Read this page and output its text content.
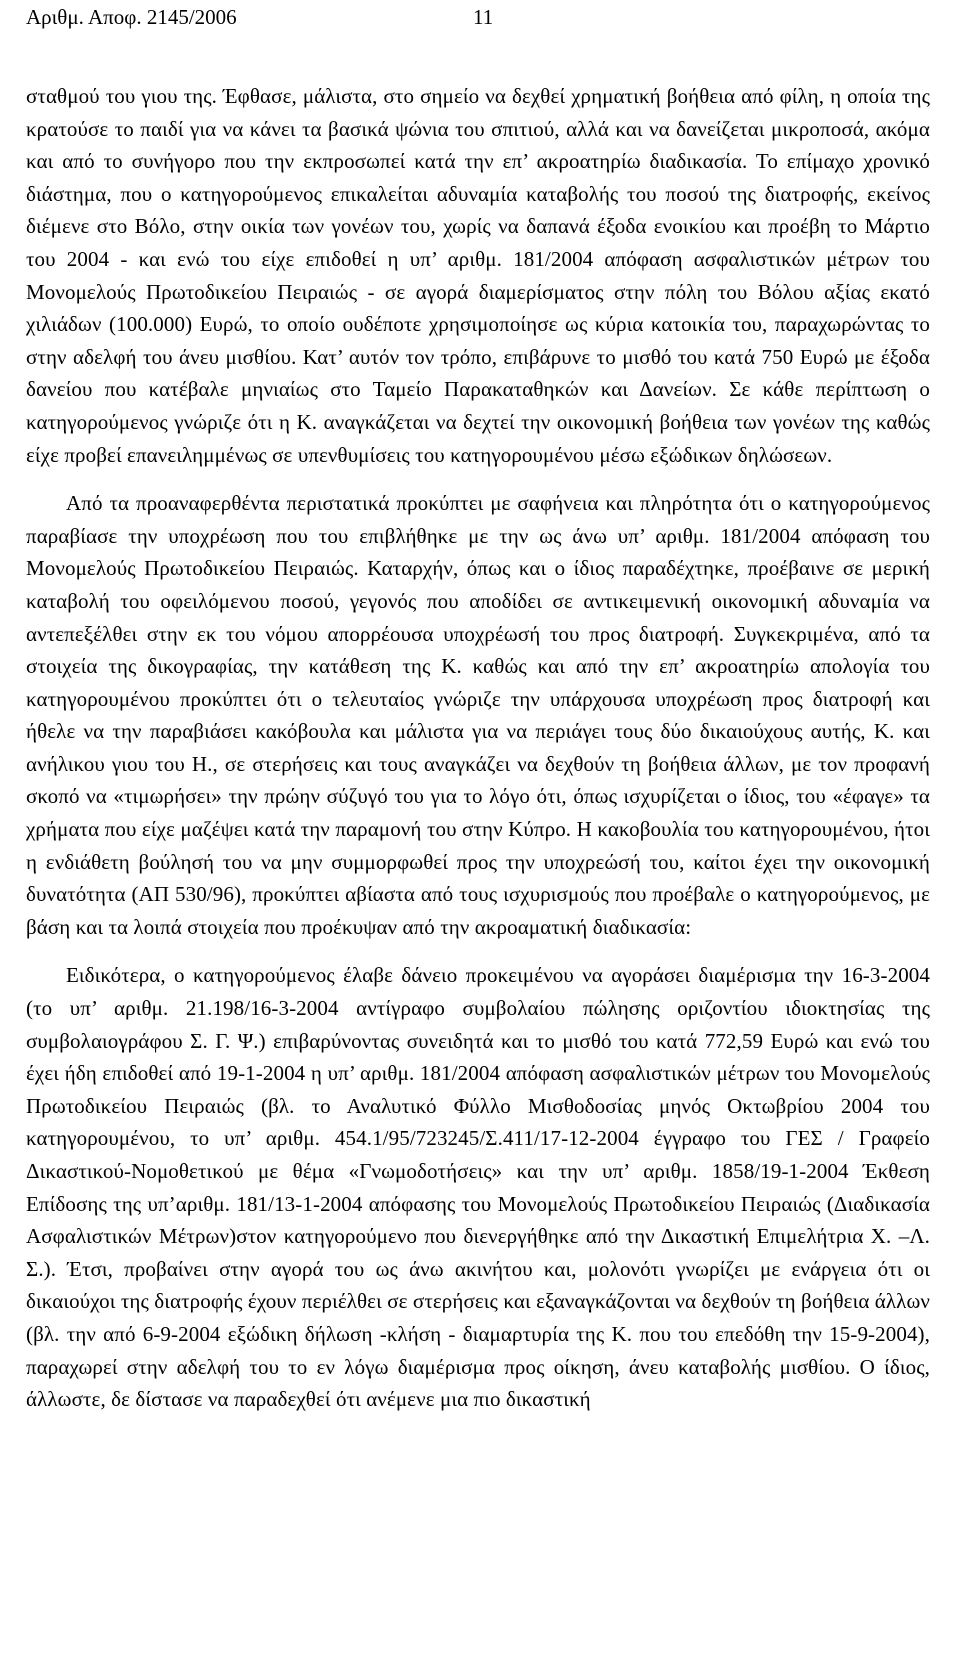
Αριθμ. Αποφ. 2145/2006	11

σταθμού του γιου της. Έφθασε, μάλιστα, στο σημείο να δεχθεί χρηματική βοήθεια από φίλη, η οποία της κρατούσε το παιδί για να κάνει τα βασικά ψώνια του σπιτιού, αλλά και να δανείζεται μικροποσά, ακόμα και από το συνήγορο που την εκπροσωπεί κατά την επ’ ακροατηρίω διαδικασία. Το επίμαχο χρονικό διάστημα, που ο κατηγορούμενος επικαλείται αδυναμία καταβολής του ποσού της διατροφής, εκείνος διέμενε στο Βόλο, στην οικία των γονέων του, χωρίς να δαπανά έξοδα ενοικίου και προέβη το Μάρτιο του 2004 - και ενώ του είχε επιδοθεί η υπ’ αριθμ. 181/2004 απόφαση ασφαλιστικών μέτρων του Μονομελούς Πρωτοδικείου Πειραιώς - σε αγορά διαμερίσματος στην πόλη του Βόλου αξίας εκατό χιλιάδων (100.000) Ευρώ, το οποίο ουδέποτε χρησιμοποίησε ως κύρια κατοικία του, παραχωρώντας το στην αδελφή του άνευ μισθίου. Κατ’ αυτόν τον τρόπο, επιβάρυνε το μισθό του κατά 750 Ευρώ με έξοδα δανείου που κατέβαλε μηνιαίως στο Ταμείο Παρακαταθηκών και Δανείων. Σε κάθε περίπτωση ο κατηγορούμενος γνώριζε ότι η Κ. αναγκάζεται να δεχτεί την οικονομική βοήθεια των γονέων της καθώς είχε προβεί επανειλημμένως σε υπενθυμίσεις του κατηγορουμένου μέσω εξώδικων δηλώσεων.

Από τα προαναφερθέντα περιστατικά προκύπτει με σαφήνεια και πληρότητα ότι ο κατηγορούμενος παραβίασε την υποχρέωση που του επιβλήθηκε με την ως άνω υπ’ αριθμ. 181/2004 απόφαση του Μονομελούς Πρωτοδικείου Πειραιώς. Καταρχήν, όπως και ο ίδιος παραδέχτηκε, προέβαινε σε μερική καταβολή του οφειλόμενου ποσού, γεγονός που αποδίδει σε αντικειμενική οικονομική αδυναμία να αντεπεξέλθει στην εκ του νόμου απορρέουσα υποχρέωσή του προς διατροφή. Συγκεκριμένα, από τα στοιχεία της δικογραφίας, την κατάθεση της Κ. καθώς και από την επ’ ακροατηρίω απολογία του κατηγορουμένου προκύπτει ότι ο τελευταίος γνώριζε την υπάρχουσα υποχρέωση προς διατροφή και ήθελε να την παραβιάσει κακόβουλα και μάλιστα για να περιάγει τους δύο δικαιούχους αυτής, Κ. και ανήλικου γιου του Η., σε στερήσεις και τους αναγκάζει να δεχθούν τη βοήθεια άλλων, με τον προφανή σκοπό να «τιμωρήσει» την πρώην σύζυγό του για το λόγο ότι, όπως ισχυρίζεται ο ίδιος, του «έφαγε» τα χρήματα που είχε μαζέψει κατά την παραμονή του στην Κύπρο. Η κακοβουλία του κατηγορουμένου, ήτοι η ενδιάθετη βούλησή του να μην συμμορφωθεί προς την υποχρεώσή του, καίτοι έχει την οικονομική δυνατότητα (ΑΠ 530/96), προκύπτει αβίαστα από τους ισχυρισμούς που προέβαλε ο κατηγορούμενος, με βάση και τα λοιπά στοιχεία που προέκυψαν από την ακροαματική διαδικασία:

Ειδικότερα, ο κατηγορούμενος έλαβε δάνειο προκειμένου να αγοράσει διαμέρισμα την 16-3-2004 (το υπ’ αριθμ. 21.198/16-3-2004 αντίγραφο συμβολαίου πώλησης οριζοντίου ιδιοκτησίας της συμβολαιογράφου Σ. Γ. Ψ.) επιβαρύνοντας συνειδητά και το μισθό του κατά 772,59 Ευρώ και ενώ του έχει ήδη επιδοθεί από 19-1-2004 η υπ’ αριθμ. 181/2004 απόφαση ασφαλιστικών μέτρων του Μονομελούς Πρωτοδικείου Πειραιώς (βλ. το Αναλυτικό Φύλλο Μισθοδοσίας μηνός Οκτωβρίου 2004 του κατηγορουμένου, το υπ’ αριθμ. 454.1/95/723245/Σ.411/17-12-2004 έγγραφο του ΓΕΣ / Γραφείο Δικαστικού-Νομοθετικού με θέμα «Γνωμοδοτήσεις» και την υπ’ αριθμ. 1858/19-1-2004 Έκθεση Επίδοσης της υπ’αριθμ. 181/13-1-2004 απόφασης του Μονομελούς Πρωτοδικείου Πειραιώς (Διαδικασία Ασφαλιστικών Μέτρων)στον κατηγορούμενο που διενεργήθηκε από την Δικαστική Επιμελήτρια Χ. –Λ. Σ.). Έτσι, προβαίνει στην αγορά του ως άνω ακινήτου και, μολονότι γνωρίζει με ενάργεια ότι οι δικαιούχοι της διατροφής έχουν περιέλθει σε στερήσεις και εξαναγκάζονται να δεχθούν τη βοήθεια άλλων (βλ. την από 6-9-2004 εξώδικη δήλωση -κλήση - διαμαρτυρία της Κ. που του επεδόθη την 15-9-2004), παραχωρεί στην αδελφή του το εν λόγω διαμέρισμα προς οίκηση, άνευ καταβολής μισθίου. Ο ίδιος, άλλωστε, δε δίστασε να παραδεχθεί ότι ανέμενε μια πιο δικαστική
